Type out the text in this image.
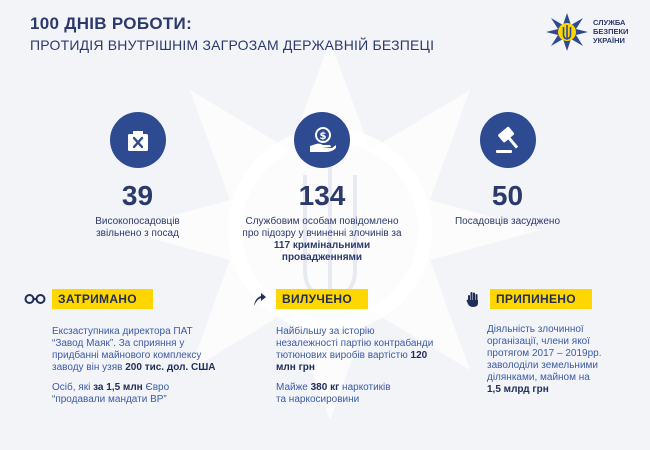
100 ДНІВ РОБОТИ:
ПРОТИДІЯ ВНУТРІШНІМ ЗАГРОЗАМ ДЕРЖАВНІЙ БЕЗПЕЦІ
СЛУЖБА
БЕЗПЕКИ
УКРАЇНИ
39
Високопосадовців
звільнено з посад
$
134
Службовим особам повідомлено
про підозру у вчиненні злочинів за
117 кримінальними
провадженнями
50
Посадовців засуджено
ЗАТРИМАНО

Ексзаступника директора ПАТ
“Завод Маяк”. За сприяння у
придбанні майнового комплексу
заводу він узяв 200 тис. дол. США

Осіб, які за 1,5 млн Євро
“продавали мандати ВР”

ВИЛУЧЕНО

Найбільшу за історію
незалежності партію контрабанди
тютюнових виробів вартістю 120
млн грн

Майже 380 кг наркотиків
та наркосировини

ПРИПИНЕНО

Діяльність злочинної
організації, члени якої
протягом 2017 – 2019рр.
заволоділи земельними
ділянками, майном на
1,5 млрд грн
